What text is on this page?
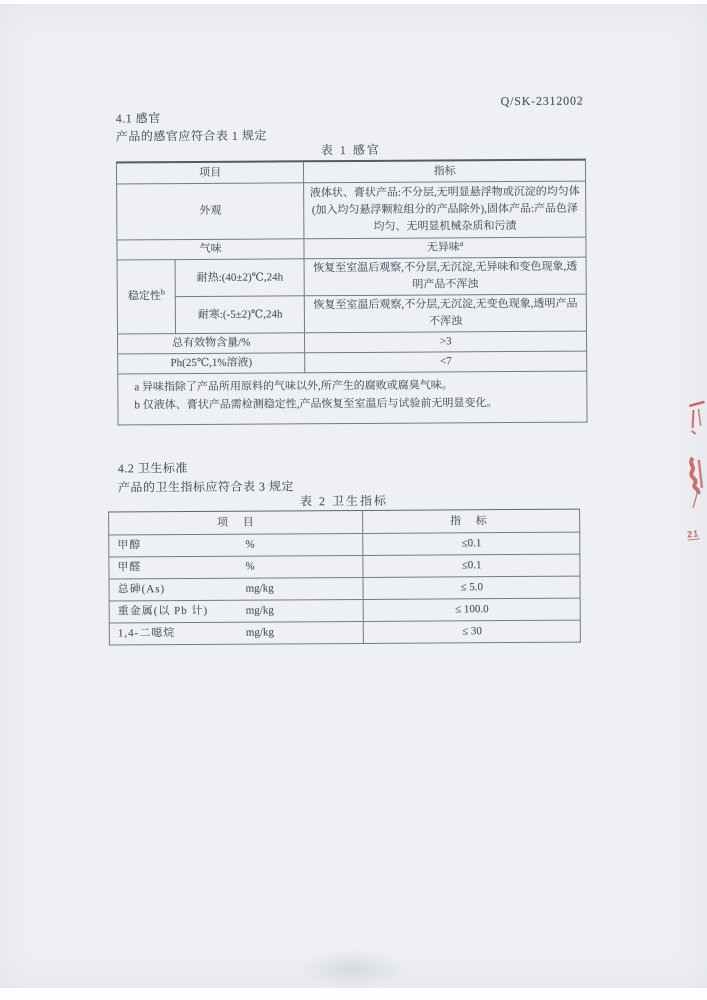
Q/SK-2312002
4.1 感官
产品的感官应符合表 1 规定
表 1 感官
项目		指标
外观		液体状、膏状产品:不分层,无明显悬浮物或沉淀的均匀体(加入均匀悬浮颗粒组分的产品除外),固体产品:产品色泽均匀、无明显机械杂质和污渍
气味		无异味$^a$
稳定性$^b$	耐热:(40±2)℃,24h	恢复至室温后观察,不分层,无沉淀,无异味和变色现象,透明产品不浑浊
	耐寒:(-5±2)℃,24h	恢复至室温后观察,不分层,无沉淀,无变色现象,透明产品不浑浊
总有效物含量/%		>3
Ph(25℃,1%溶液)		<7

a 异味指除了产品所用原料的气味以外,所产生的腐败或腐臭气味。
b 仅液体、膏状产品需检测稳定性,产品恢复至室温后与试验前无明显变化。		
4.2 卫生标准
产品的卫生指标应符合表 3 规定
表 2 卫生指标
项 目	指 标
甲醇 %	≤0.1
甲醛 %	≤0.1
总砷(As) mg/kg	≤ 5.0
重金属(以 Pb 计) mg/kg	≤ 100.0
1,4-二噁烷 mg/kg	≤ 30
21
